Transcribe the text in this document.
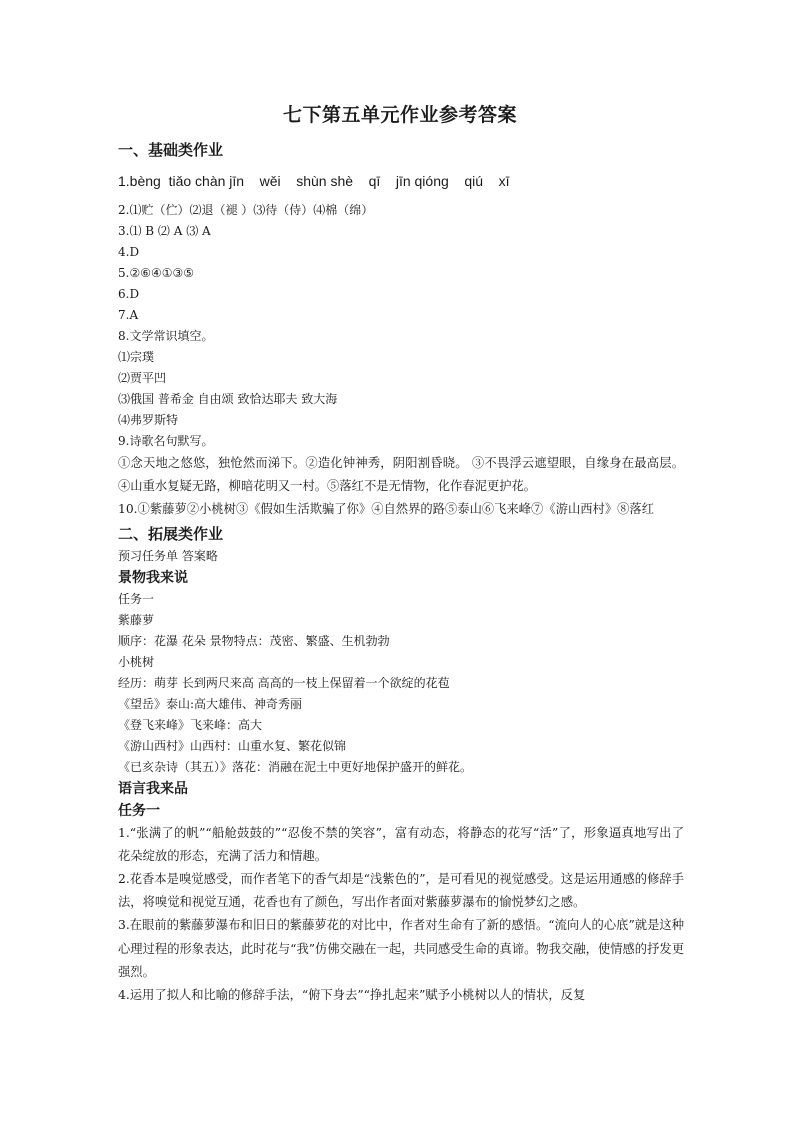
七下第五单元作业参考答案
一、基础类作业
1.bèng  tiǎo chàn jīn    wěi    shùn shè    qī    jīn qióng    qiú    xī
2.⑴贮（伫）⑵退（褪 ）⑶待（侍）⑷棉（绵）
3.⑴ B ⑵ A ⑶ A
4.D
5.②⑥④①③⑤
6.D
7.A
8.文学常识填空。
⑴宗璞
⑵贾平凹
⑶俄国 普希金 自由颂 致恰达耶夫 致大海
⑷弗罗斯特
9.诗歌名句默写。
①念天地之悠悠，独怆然而涕下。②造化钟神秀，阴阳割昏晓。 ③不畏浮云遮望眼，自缘身在最高层。④山重水复疑无路，柳暗花明又一村。⑤落红不是无情物，化作春泥更护花。
10.①紫藤萝②小桃树③《假如生活欺骗了你》④自然界的路⑤泰山⑥飞来峰⑦《游山西村》⑧落红
二、拓展类作业
预习任务单 答案略
景物我来说
任务一
紫藤萝
顺序：花瀑 花朵 景物特点：茂密、繁盛、生机勃勃
小桃树
经历：萌芽 长到两尺来高 高高的一枝上保留着一个欲绽的花苞
《望岳》泰山:高大雄伟、神奇秀丽
《登飞来峰》飞来峰：高大
《游山西村》山西村：山重水复、繁花似锦
《已亥杂诗（其五）》落花：消融在泥土中更好地保护盛开的鲜花。
语言我来品
任务一
1.“张满了的帆”“船舱鼓鼓的”“忍俊不禁的笑容”，富有动态，将静态的花写“活”了，形象逼真地写出了花朵绽放的形态，充满了活力和情趣。
2.花香本是嗅觉感受，而作者笔下的香气却是“浅紫色的”，是可看见的视觉感受。这是运用通感的修辞手法，将嗅觉和视觉互通，花香也有了颜色，写出作者面对紫藤萝瀑布的愉悦梦幻之感。
3.在眼前的紫藤萝瀑布和旧日的紫藤萝花的对比中，作者对生命有了新的感悟。“流向人的心底”就是这种心理过程的形象表达，此时花与“我”仿佛交融在一起，共同感受生命的真谛。物我交融，使情感的抒发更强烈。
4.运用了拟人和比喻的修辞手法，“俯下身去”“挣扎起来”赋予小桃树以人的情状，反复
